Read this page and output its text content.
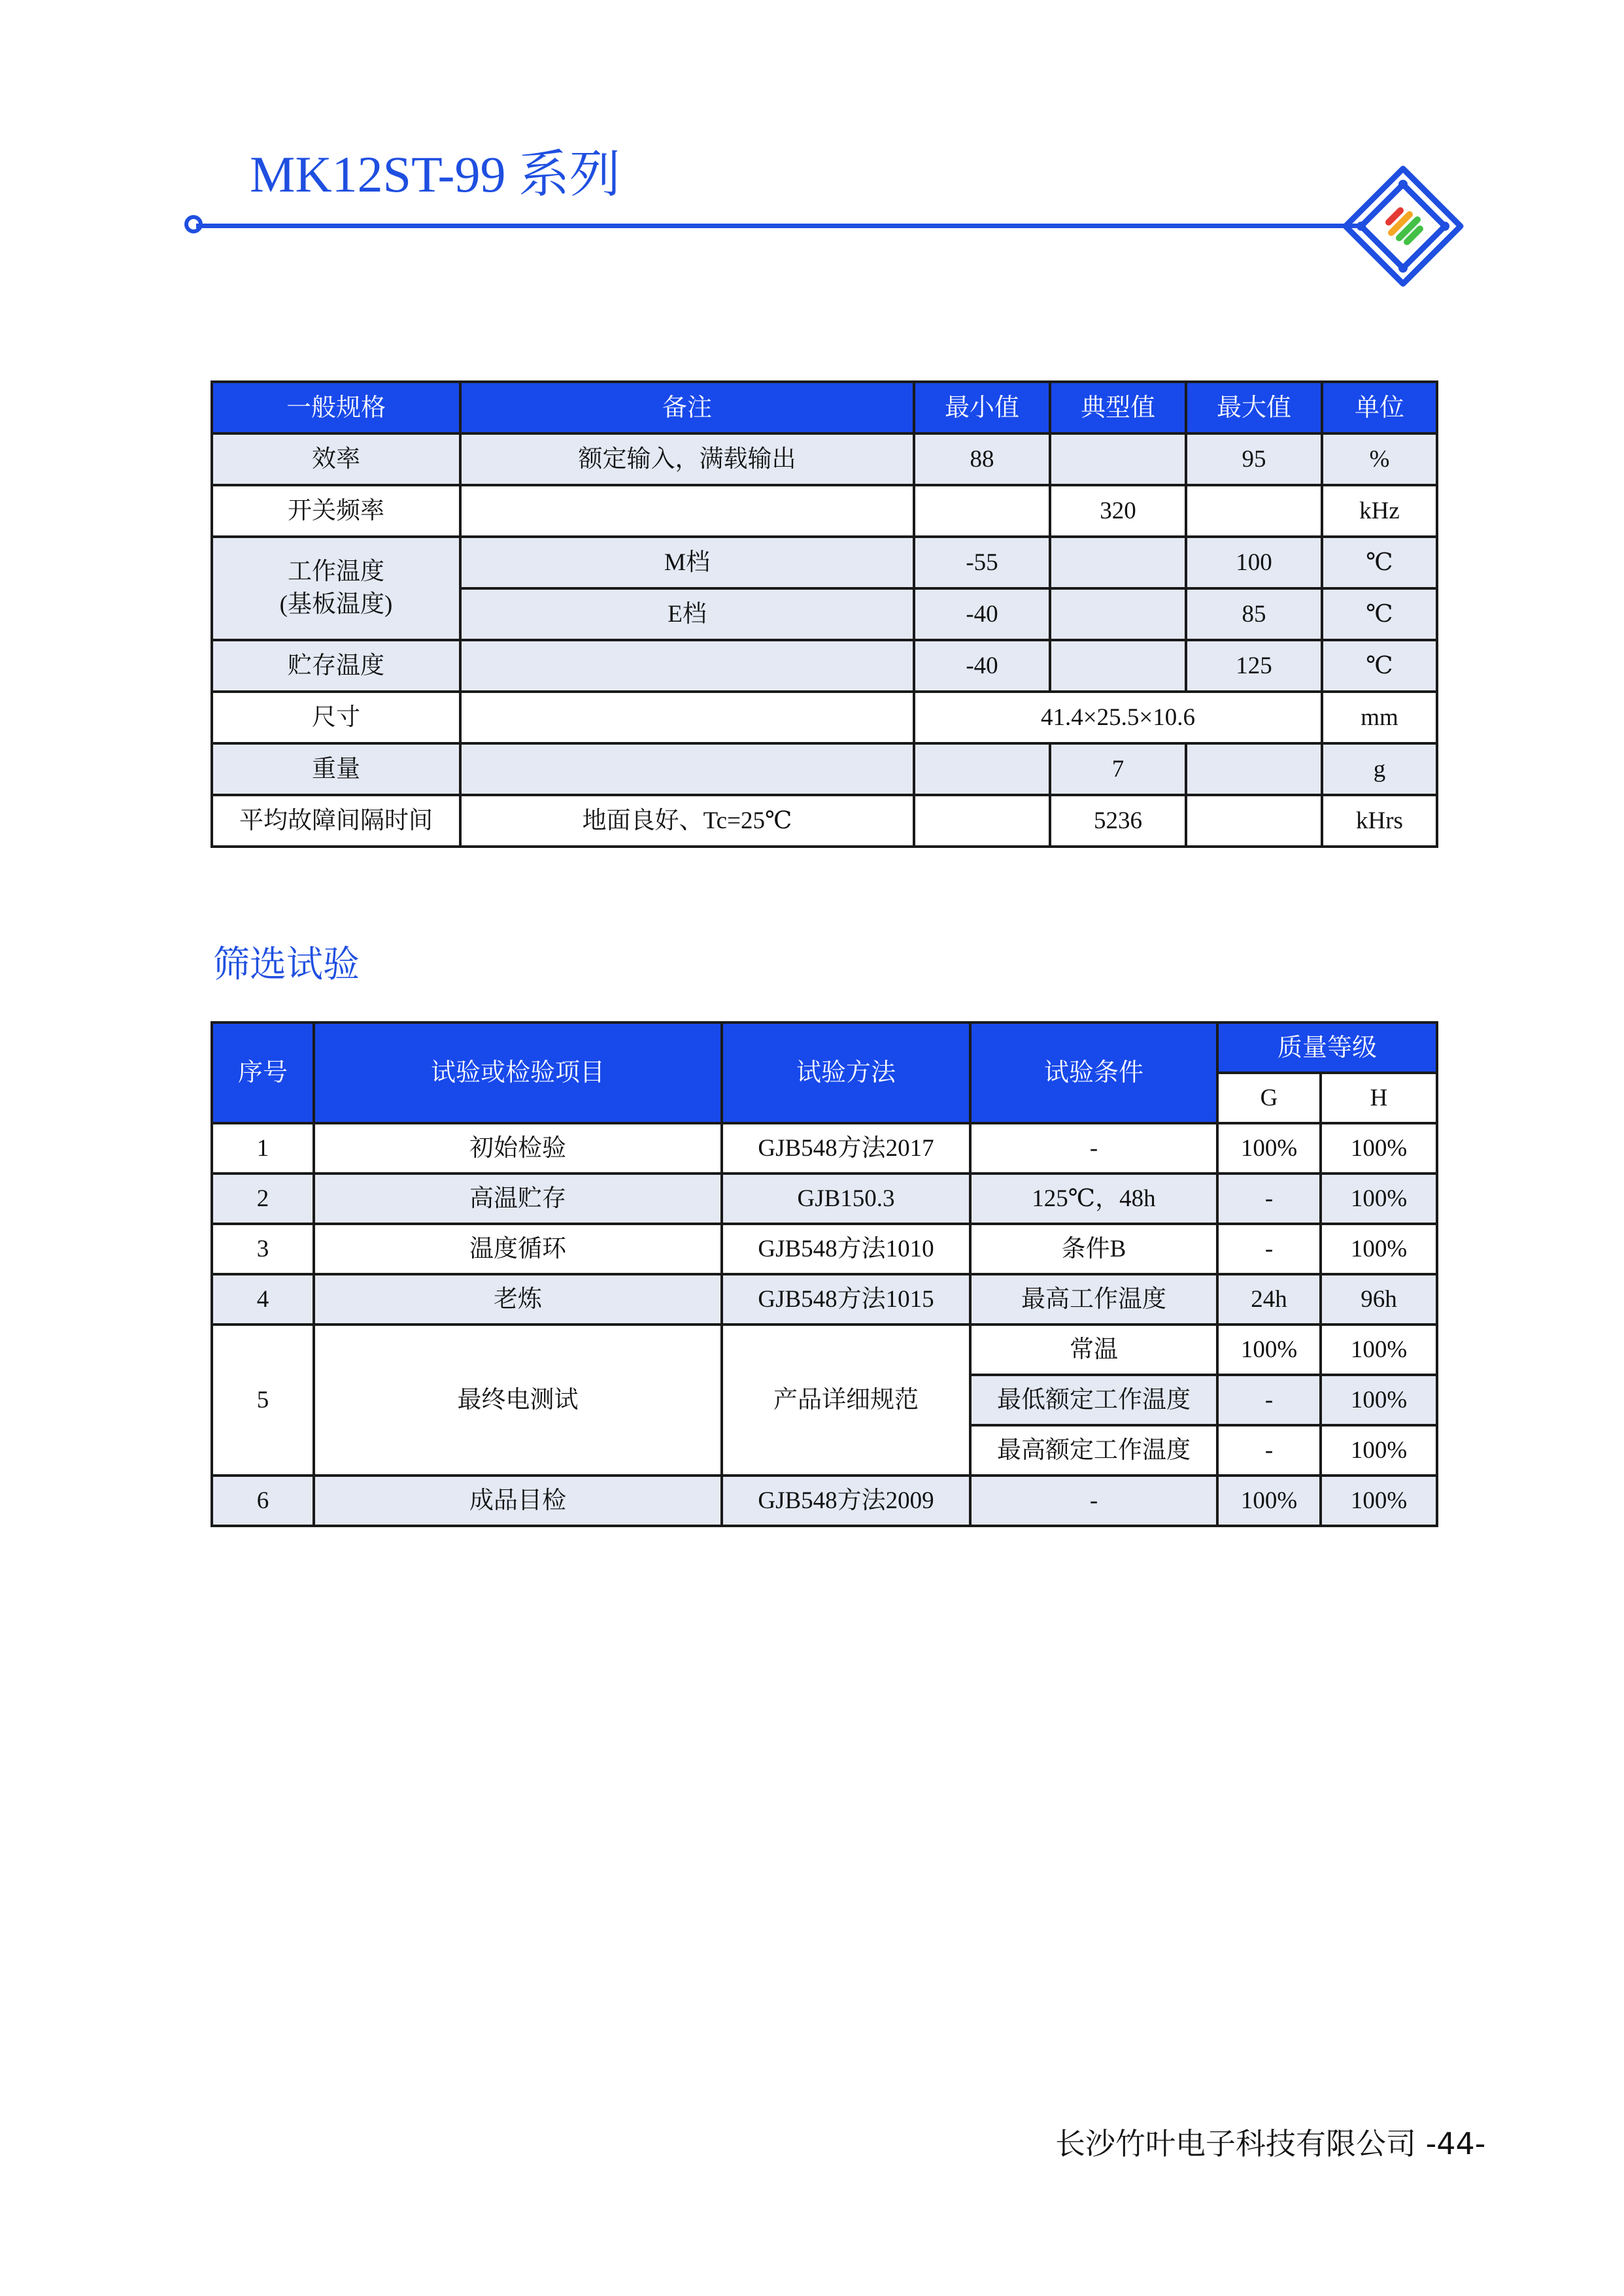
MK12ST-99 系列
一般规格	备注	最小值	典型值	最大值	单位
效率	额定输入，满载输出	88		95	%
开关频率			320		kHz
工作温度
(基板温度)	M档	-55		100	℃
	E档	-40		85	℃
贮存温度		-40		125	℃
尺寸		41.4×25.5×10.6			mm
重量			7		g
平均故障间隔时间	地面良好、Tc=25℃		5236		kHrs
筛选试验
序号	试验或检验项目	试验方法	试验条件	质量等级	
				G	H
1	初始检验	GJB548方法2017	-	100%	100%
2	高温贮存	GJB150.3	125℃，48h	-	100%
3	温度循环	GJB548方法1010	条件B	-	100%
4	老炼	GJB548方法1015	最高工作温度	24h	96h
5	最终电测试	产品详细规范	常温	100%	100%
			最低额定工作温度	-	100%
			最高额定工作温度	-	100%
6	成品目检	GJB548方法2009	-	100%	100%
长沙竹叶电子科技有限公司 -44-
